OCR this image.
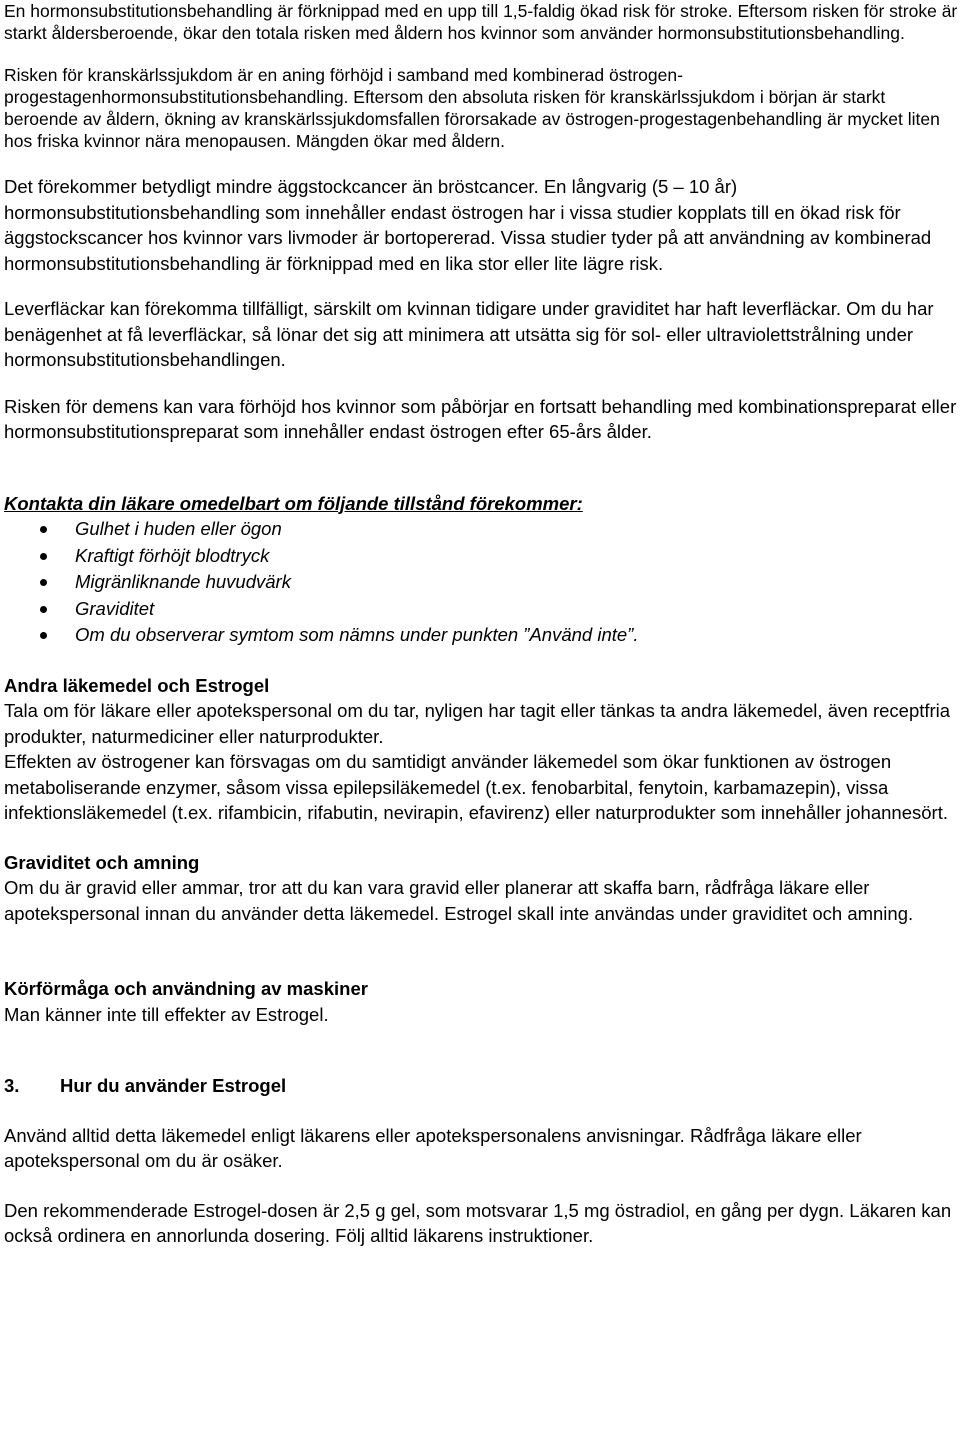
En hormonsubstitutionsbehandling är förknippad med en upp till 1,5-faldig ökad risk för stroke. Eftersom risken för stroke är starkt åldersberoende, ökar den totala risken med åldern hos kvinnor som använder hormonsubstitutionsbehandling.

Risken för kranskärlssjukdom är en aning förhöjd i samband med kombinerad östrogen-progestagenhormonsubstitutionsbehandling. Eftersom den absoluta risken för kranskärlssjukdom i början är starkt beroende av åldern, ökning av kranskärlssjukdomsfallen förorsakade av östrogen-progestagenbehandling är mycket liten hos friska kvinnor nära menopausen. Mängden ökar med åldern.

Det förekommer betydligt mindre äggstockcancer än bröstcancer. En långvarig (5 – 10 år) hormonsubstitutionsbehandling som innehåller endast östrogen har i vissa studier kopplats till en ökad risk för äggstockscancer hos kvinnor vars livmoder är bortopererad. Vissa studier tyder på att användning av kombinerad hormonsubstitutionsbehandling är förknippad med en lika stor eller lite lägre risk.

Leverfläckar kan förekomma tillfälligt, särskilt om kvinnan tidigare under graviditet har haft leverfläckar. Om du har benägenhet at få leverfläckar, så lönar det sig att minimera att utsätta sig för sol- eller ultraviolettstrålning under hormonsubstitutionsbehandlingen.

Risken för demens kan vara förhöjd hos kvinnor som påbörjar en fortsatt behandling med kombinationspreparat eller hormonsubstitutionspreparat som innehåller endast östrogen efter 65-års ålder.

Kontakta din läkare omedelbart om följande tillstånd förekommer:

Gulhet i huden eller ögon
Kraftigt förhöjt blodtryck
Migränliknande huvudvärk
Graviditet
Om du observerar symtom som nämns under punkten ”Använd inte”.

Andra läkemedel och Estrogel

Tala om för läkare eller apotekspersonal om du tar, nyligen har tagit eller tänkas ta andra läkemedel, även receptfria produkter, naturmediciner eller naturprodukter.

Effekten av östrogener kan försvagas om du samtidigt använder läkemedel som ökar funktionen av östrogen metaboliserande enzymer, såsom vissa epilepsiläkemedel (t.ex. fenobarbital, fenytoin, karbamazepin), vissa infektionsläkemedel (t.ex. rifambicin, rifabutin, nevirapin, efavirenz) eller naturprodukter som innehåller johannesört.

Graviditet och amning

Om du är gravid eller ammar, tror att du kan vara gravid eller planerar att skaffa barn, rådfråga läkare eller apotekspersonal innan du använder detta läkemedel. Estrogel skall inte användas under graviditet och amning.

Körförmåga och användning av maskiner

Man känner inte till effekter av Estrogel.

3. Hur du använder Estrogel

Använd alltid detta läkemedel enligt läkarens eller apotekspersonalens anvisningar. Rådfråga läkare eller apotekspersonal om du är osäker.

Den rekommenderade Estrogel-dosen är 2,5 g gel, som motsvarar 1,5 mg östradiol, en gång per dygn. Läkaren kan också ordinera en annorlunda dosering. Följ alltid läkarens instruktioner.
